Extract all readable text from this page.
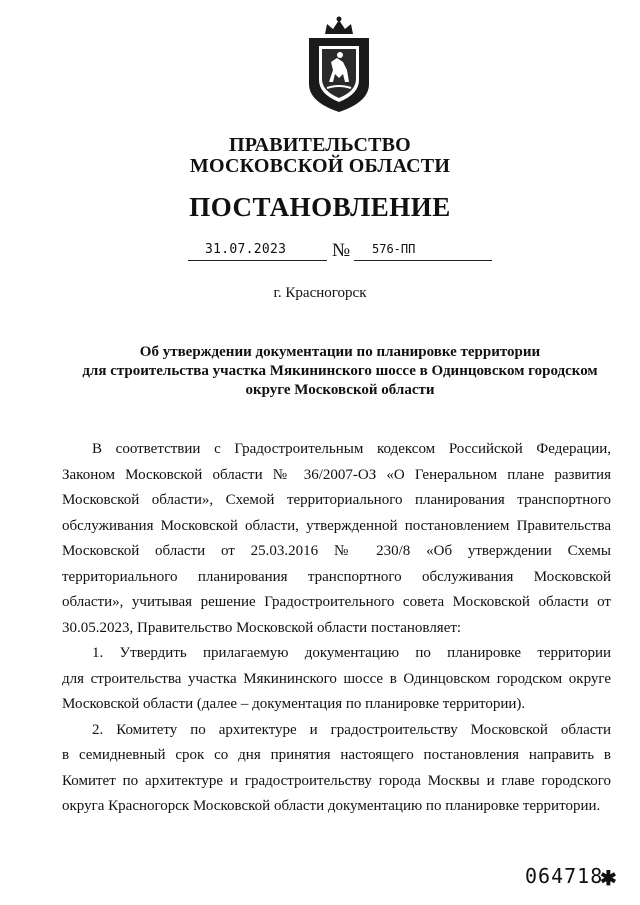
ПРАВИТЕЛЬСТВО
МОСКОВСКОЙ ОБЛАСТИ
ПОСТАНОВЛЕНИЕ
31.07.2023 № 576-ПП
г. Красногорск
Об утверждении документации по планировке территории
для строительства участка Мякининского шоссе в Одинцовском городском
округе Московской области
В соответствии с Градостроительным кодексом Российской Федерации,
Законом Московской области № 36/2007-ОЗ «О Генеральном плане развития
Московской области», Схемой территориального планирования транспортного
обслуживания Московской области, утвержденной постановлением Правительства
Московской области от 25.03.2016 № 230/8 «Об утверждении Схемы
территориального планирования транспортного обслуживания Московской
области», учитывая решение Градостроительного совета Московской области от
30.05.2023, Правительство Московской области постановляет:
1. Утвердить прилагаемую документацию по планировке территории
для строительства участка Мякининского шоссе в Одинцовском городском округе
Московской области (далее – документация по планировке территории).
2. Комитету по архитектуре и градостроительству Московской области
в семидневный срок со дня принятия настоящего постановления направить в
Комитет по архитектуре и градостроительству города Москвы и главе городского
округа Красногорск Московской области документацию по планировке территории.
064718
✱
